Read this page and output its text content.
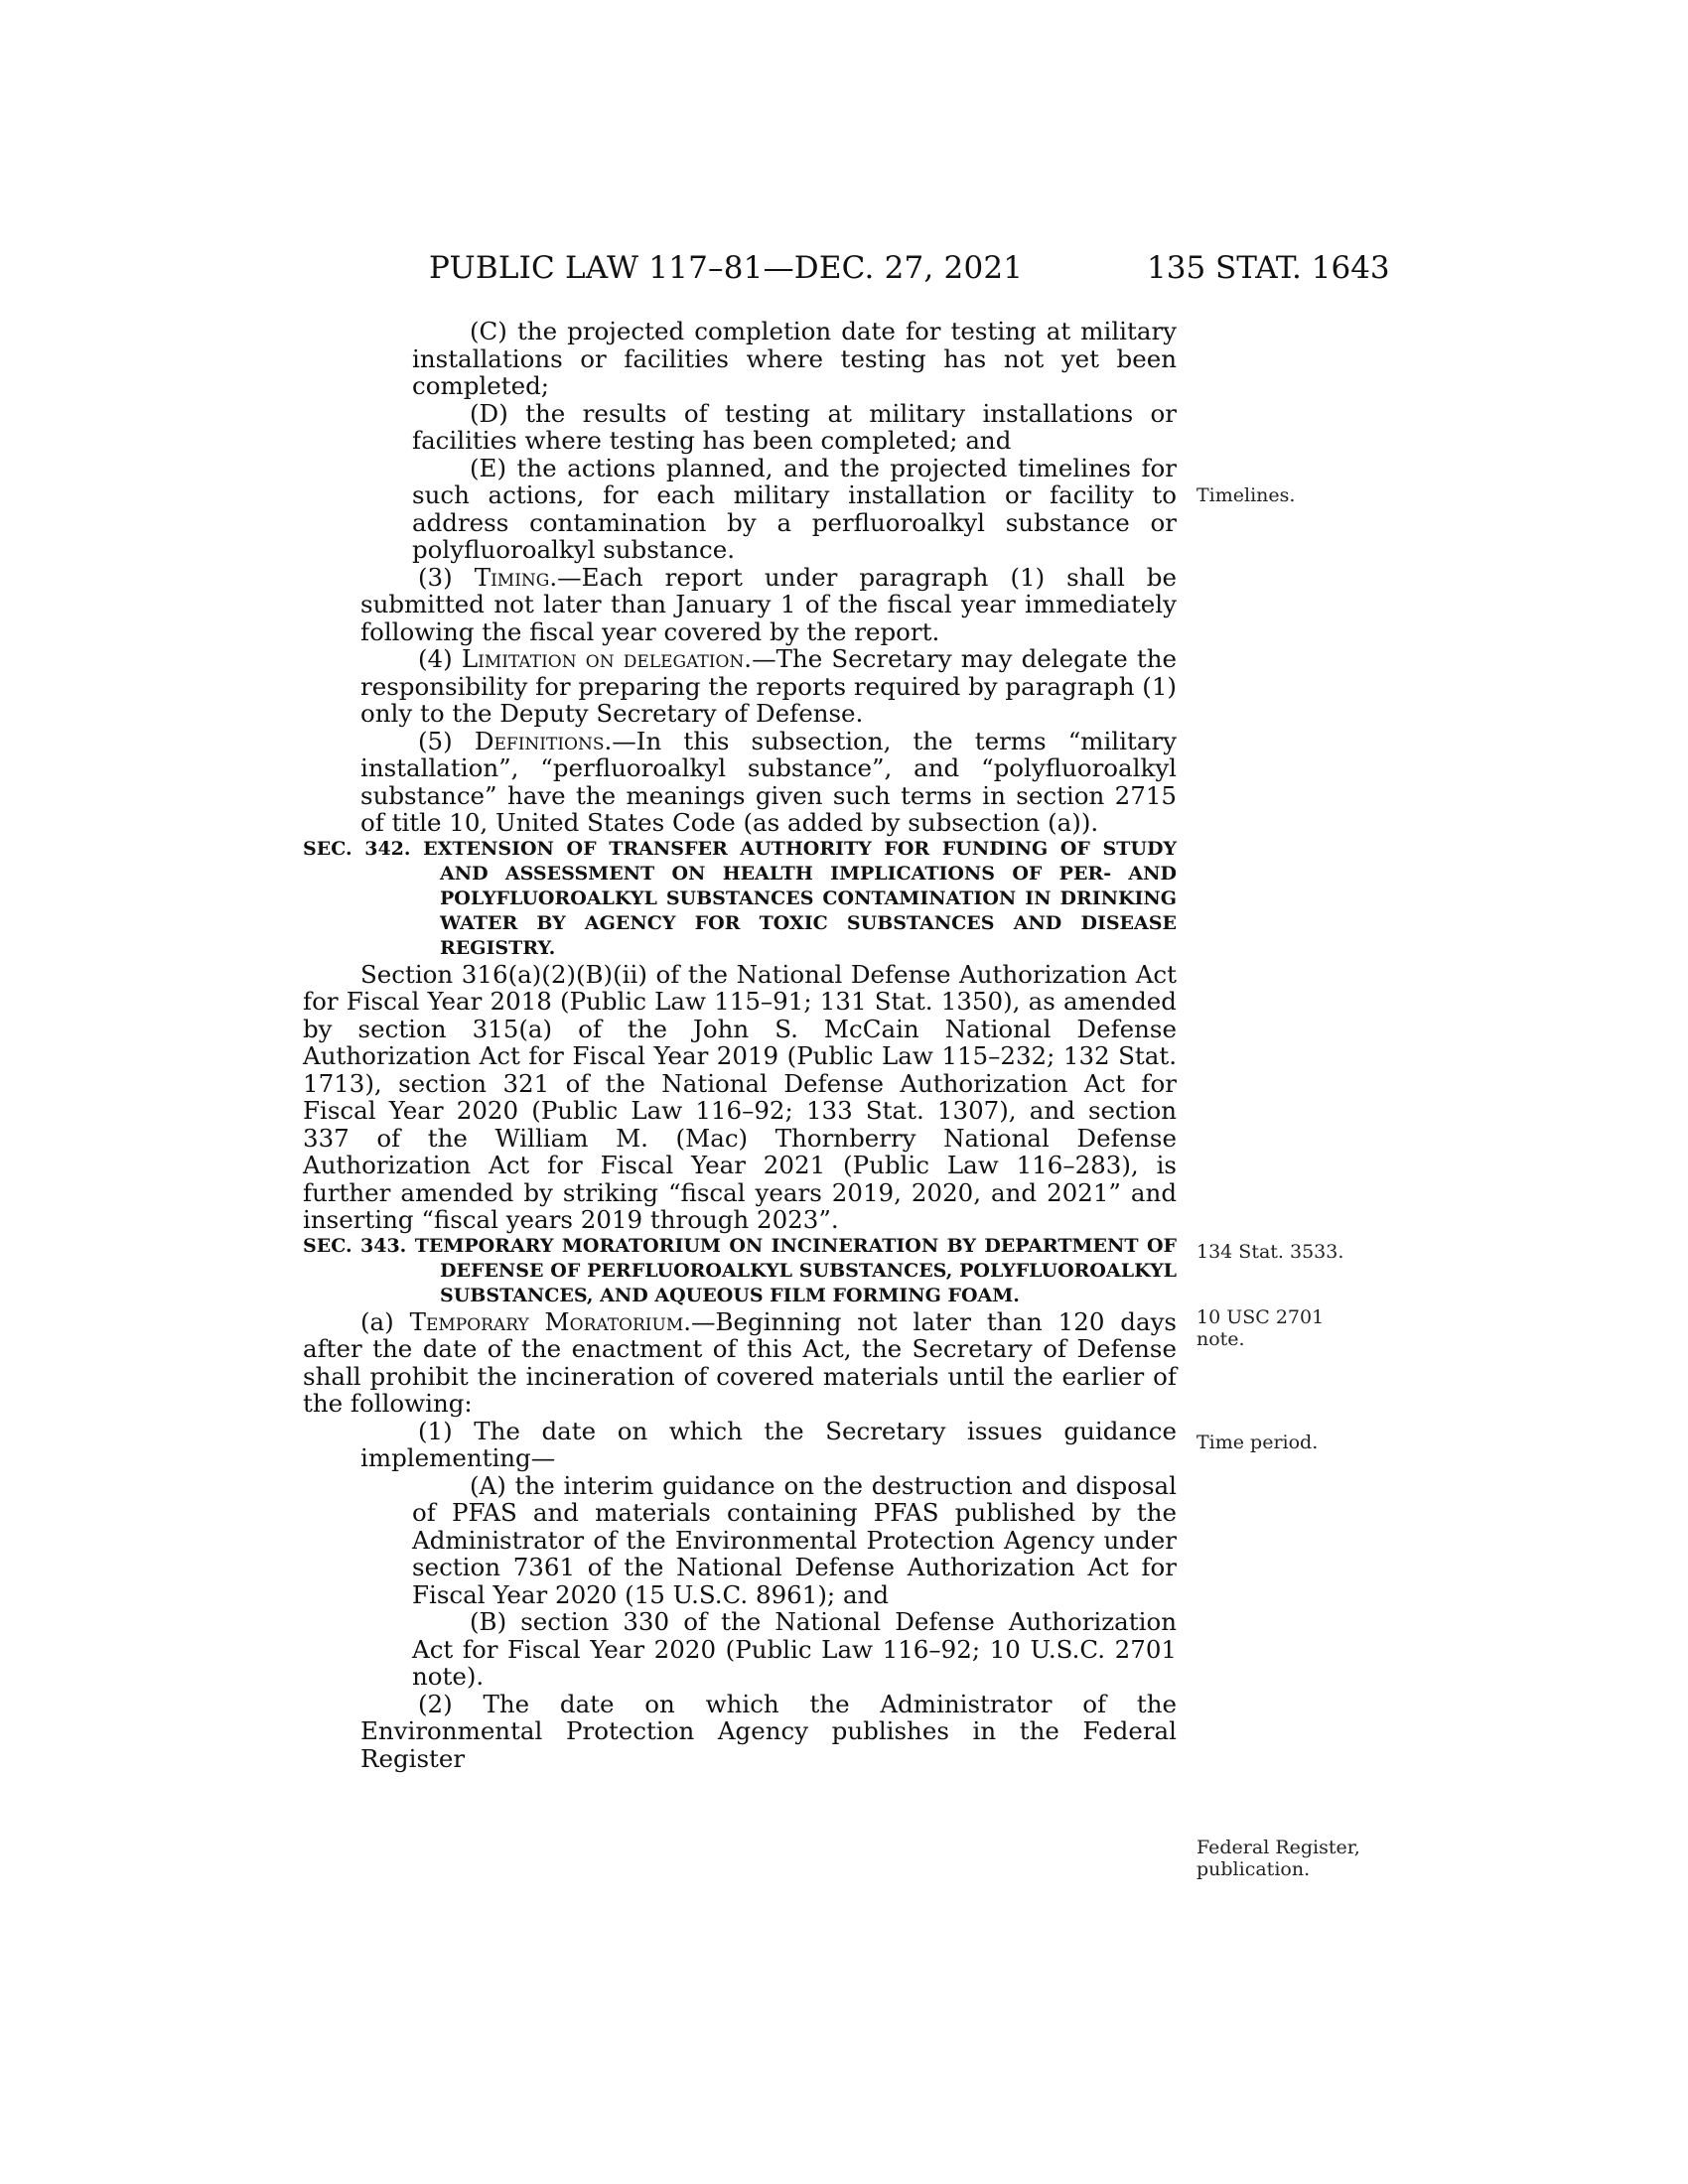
PUBLIC LAW 117–81—DEC. 27, 2021	135 STAT. 1643

(C) the projected completion date for testing at military installations or facilities where testing has not yet been completed;

(D) the results of testing at military installations or facilities where testing has been completed; and

(E) the actions planned, and the projected timelines for such actions, for each military installation or facility to address contamination by a perfluoroalkyl substance or polyfluoroalkyl substance.

(3) Timing.—Each report under paragraph (1) shall be submitted not later than January 1 of the fiscal year immediately following the fiscal year covered by the report.

(4) Limitation on delegation.—The Secretary may delegate the responsibility for preparing the reports required by paragraph (1) only to the Deputy Secretary of Defense.

(5) Definitions.—In this subsection, the terms “military installation”, “perfluoroalkyl substance”, and “polyfluoroalkyl substance” have the meanings given such terms in section 2715 of title 10, United States Code (as added by subsection (a)).

SEC. 342. EXTENSION OF TRANSFER AUTHORITY FOR FUNDING OF STUDY AND ASSESSMENT ON HEALTH IMPLICATIONS OF PER- AND POLYFLUOROALKYL SUBSTANCES CONTAMINATION IN DRINKING WATER BY AGENCY FOR TOXIC SUBSTANCES AND DISEASE REGISTRY.

Section 316(a)(2)(B)(ii) of the National Defense Authorization Act for Fiscal Year 2018 (Public Law 115–91; 131 Stat. 1350), as amended by section 315(a) of the John S. McCain National Defense Authorization Act for Fiscal Year 2019 (Public Law 115–232; 132 Stat. 1713), section 321 of the National Defense Authorization Act for Fiscal Year 2020 (Public Law 116–92; 133 Stat. 1307), and section 337 of the William M. (Mac) Thornberry National Defense Authorization Act for Fiscal Year 2021 (Public Law 116–283), is further amended by striking “fiscal years 2019, 2020, and 2021” and inserting “fiscal years 2019 through 2023”.

SEC. 343. TEMPORARY MORATORIUM ON INCINERATION BY DEPARTMENT OF DEFENSE OF PERFLUOROALKYL SUBSTANCES, POLYFLUOROALKYL SUBSTANCES, AND AQUEOUS FILM FORMING FOAM.

(a) Temporary Moratorium.—Beginning not later than 120 days after the date of the enactment of this Act, the Secretary of Defense shall prohibit the incineration of covered materials until the earlier of the following:

(1) The date on which the Secretary issues guidance implementing—

(A) the interim guidance on the destruction and disposal of PFAS and materials containing PFAS published by the Administrator of the Environmental Protection Agency under section 7361 of the National Defense Authorization Act for Fiscal Year 2020 (15 U.S.C. 8961); and

(B) section 330 of the National Defense Authorization Act for Fiscal Year 2020 (Public Law 116–92; 10 U.S.C. 2701 note).

(2) The date on which the Administrator of the Environmental Protection Agency publishes in the Federal Register

Timelines.
134 Stat. 3533.
10 USC 2701
note.
Time period.
Federal Register,
publication.
